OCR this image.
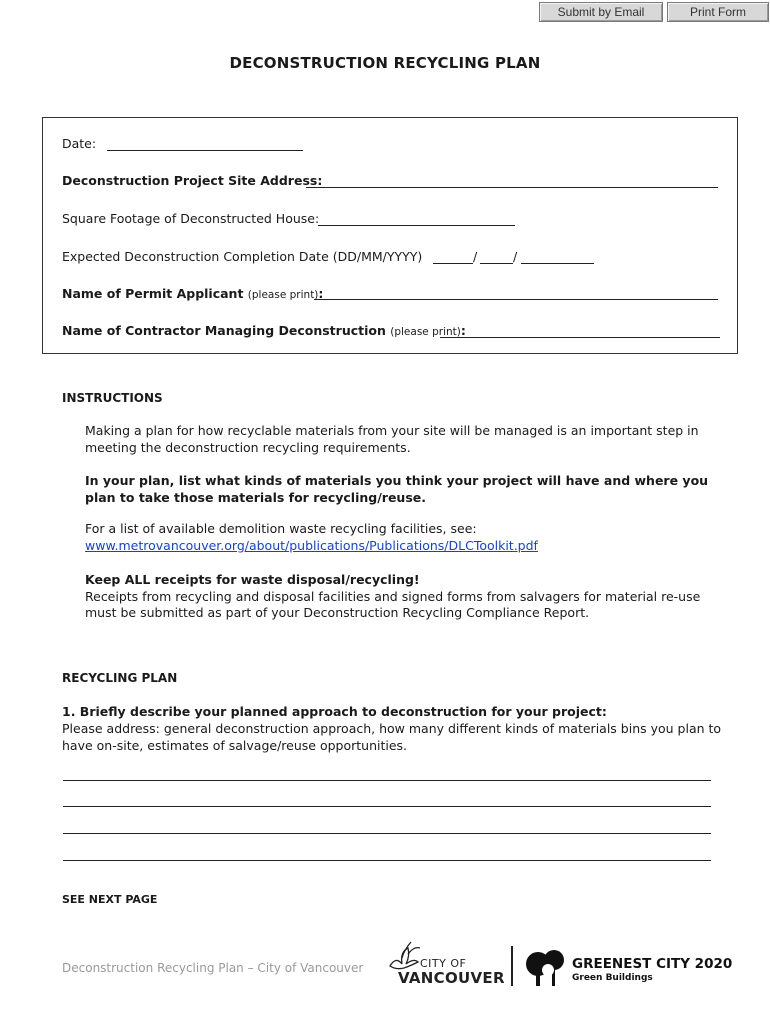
Submit by Email	Print Form
DECONSTRUCTION RECYCLING PLAN
Date:
Deconstruction Project Site Address:
Square Footage of Deconstructed House:
Expected Deconstruction Completion Date (DD/MM/YYYY)	/	/
Name of Permit Applicant (please print):
Name of Contractor Managing Deconstruction (please print):
INSTRUCTIONS
Making a plan for how recyclable materials from your site will be managed is an important step in meeting the deconstruction recycling requirements.
In your plan, list what kinds of materials you think your project will have and where you plan to take those materials for recycling/reuse.
For a list of available demolition waste recycling facilities, see:
www.metrovancouver.org/about/publications/Publications/DLCToolkit.pdf
Keep ALL receipts for waste disposal/recycling!
Receipts from recycling and disposal facilities and signed forms from salvagers for material re-use must be submitted as part of your Deconstruction Recycling Compliance Report.
RECYCLING PLAN
1. Briefly describe your planned approach to deconstruction for your project:
Please address: general deconstruction approach, how many different kinds of materials bins you plan to have on-site, estimates of salvage/reuse opportunities.
SEE NEXT PAGE
Deconstruction Recycling Plan – City of Vancouver	CITY OF
VANCOUVER
GREENEST CITY 2020
Green Buildings
